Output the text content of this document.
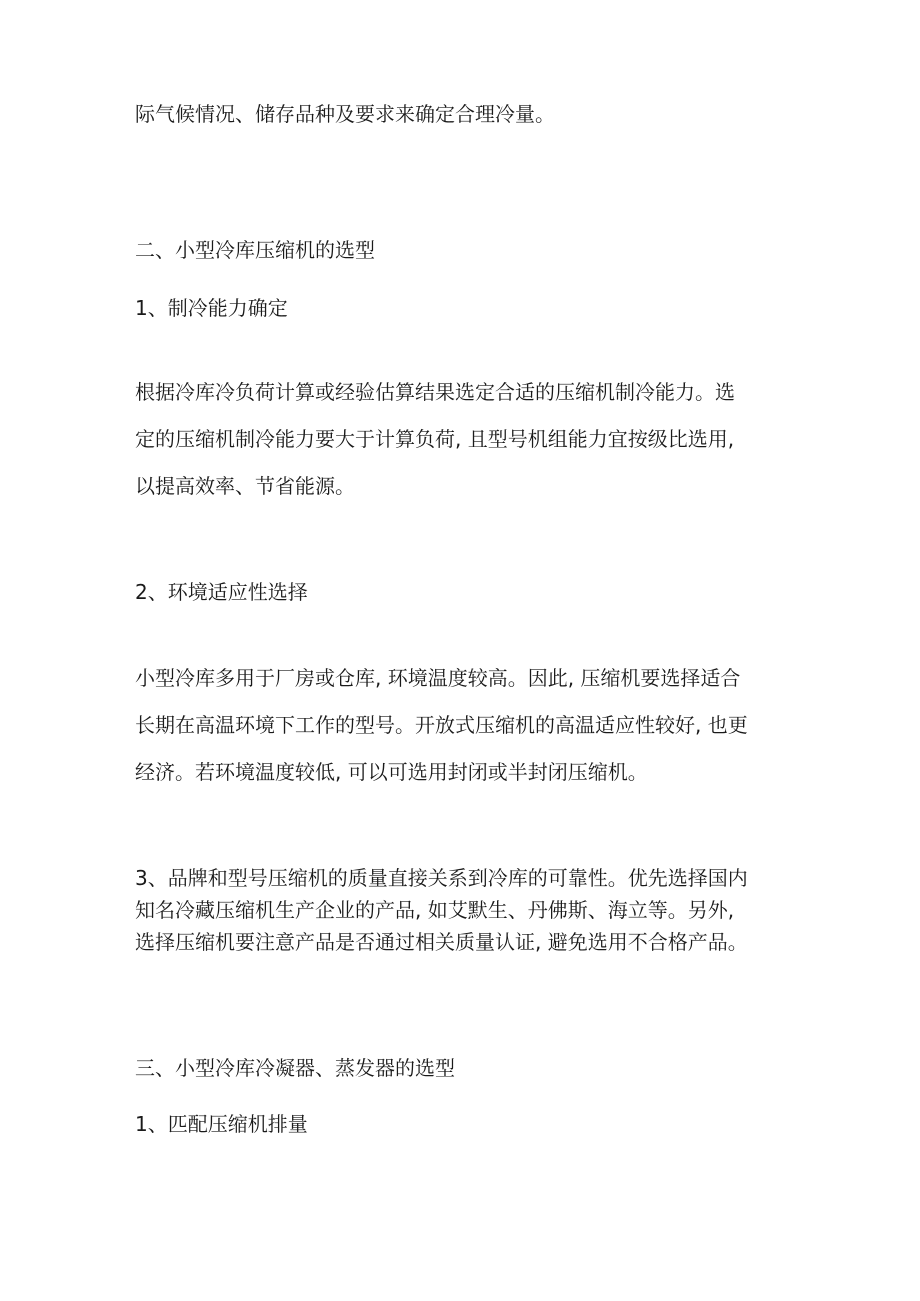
际气候情况、储存品种及要求来确定合理冷量。
二、小型冷库压缩机的选型
1、制冷能力确定
根据冷库冷负荷计算或经验估算结果选定合适的压缩机制冷能力。选
定的压缩机制冷能力要大于计算负荷, 且型号机组能力宜按级比选用,
以提高效率、节省能源。
2、环境适应性选择
小型冷库多用于厂房或仓库, 环境温度较高。因此, 压缩机要选择适合
长期在高温环境下工作的型号。开放式压缩机的高温适应性较好, 也更
经济。若环境温度较低, 可以可选用封闭或半封闭压缩机。
3、品牌和型号压缩机的质量直接关系到冷库的可靠性。优先选择国内
知名冷藏压缩机生产企业的产品, 如艾默生、丹佛斯、海立等。另外,
选择压缩机要注意产品是否通过相关质量认证, 避免选用不合格产品。
三、小型冷库冷凝器、蒸发器的选型
1、匹配压缩机排量
